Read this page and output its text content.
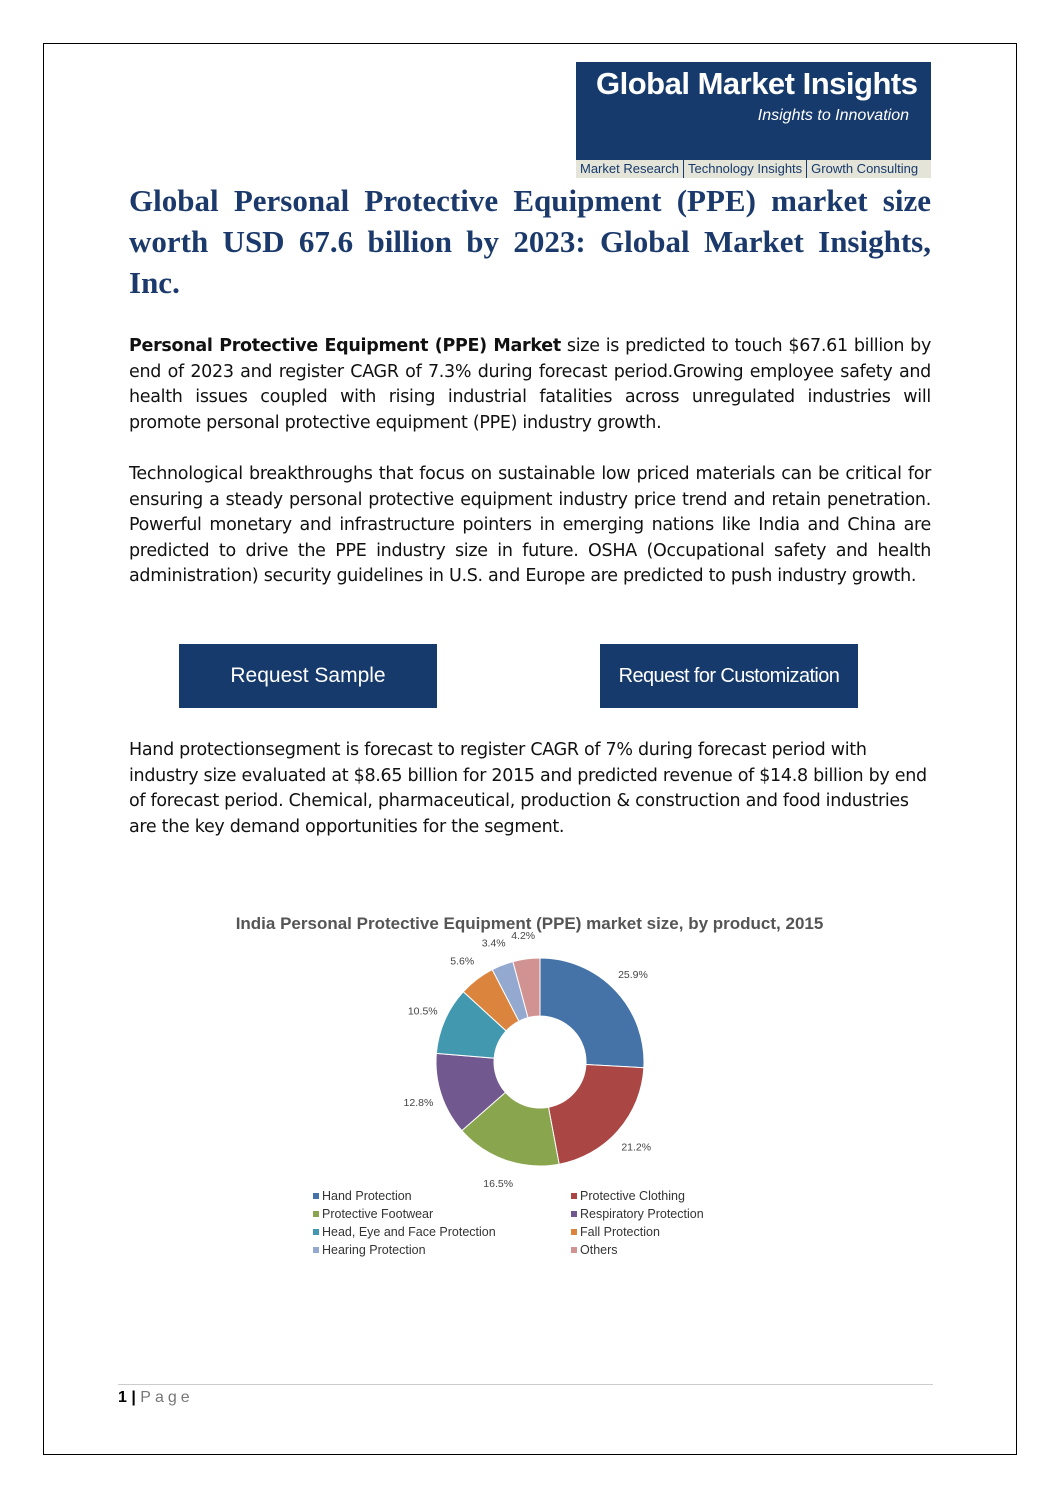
Global Market Insights
Insights to Innovation
Market Research Technology Insights Growth Consulting
Global Personal Protective Equipment (PPE) market size worth USD 67.6 billion by 2023: Global Market Insights, Inc.

Personal Protective Equipment (PPE) Market size is predicted to touch $67.61 billion by end of 2023 and register CAGR of 7.3% during forecast period.Growing employee safety and health issues coupled with rising industrial fatalities across unregulated industries will promote personal protective equipment (PPE) industry growth.

Technological breakthroughs that focus on sustainable low priced materials can be critical for ensuring a steady personal protective equipment industry price trend and retain penetration. Powerful monetary and infrastructure pointers in emerging nations like India and China are predicted to drive the PPE industry size in future. OSHA (Occupational safety and health administration) security guidelines in U.S. and Europe are predicted to push industry growth.

Request Sample	Request for Customization

Hand protectionsegment is forecast to register CAGR of 7% during forecast period with industry size evaluated at $8.65 billion for 2015 and predicted revenue of $14.8 billion by end of forecast period. Chemical, pharmaceutical, production & construction and food industries are the key demand opportunities for the segment.

India Personal Protective Equipment (PPE) market size, by product, 2015
25.9%
21.2%
16.5%
12.8%
10.5%
5.6%
3.4%
4.2%
Hand Protection	Protective Clothing
Protective Footwear	Respiratory Protection
Head, Eye and Face Protection	Fall Protection
Hearing Protection	Others
1 | Page
